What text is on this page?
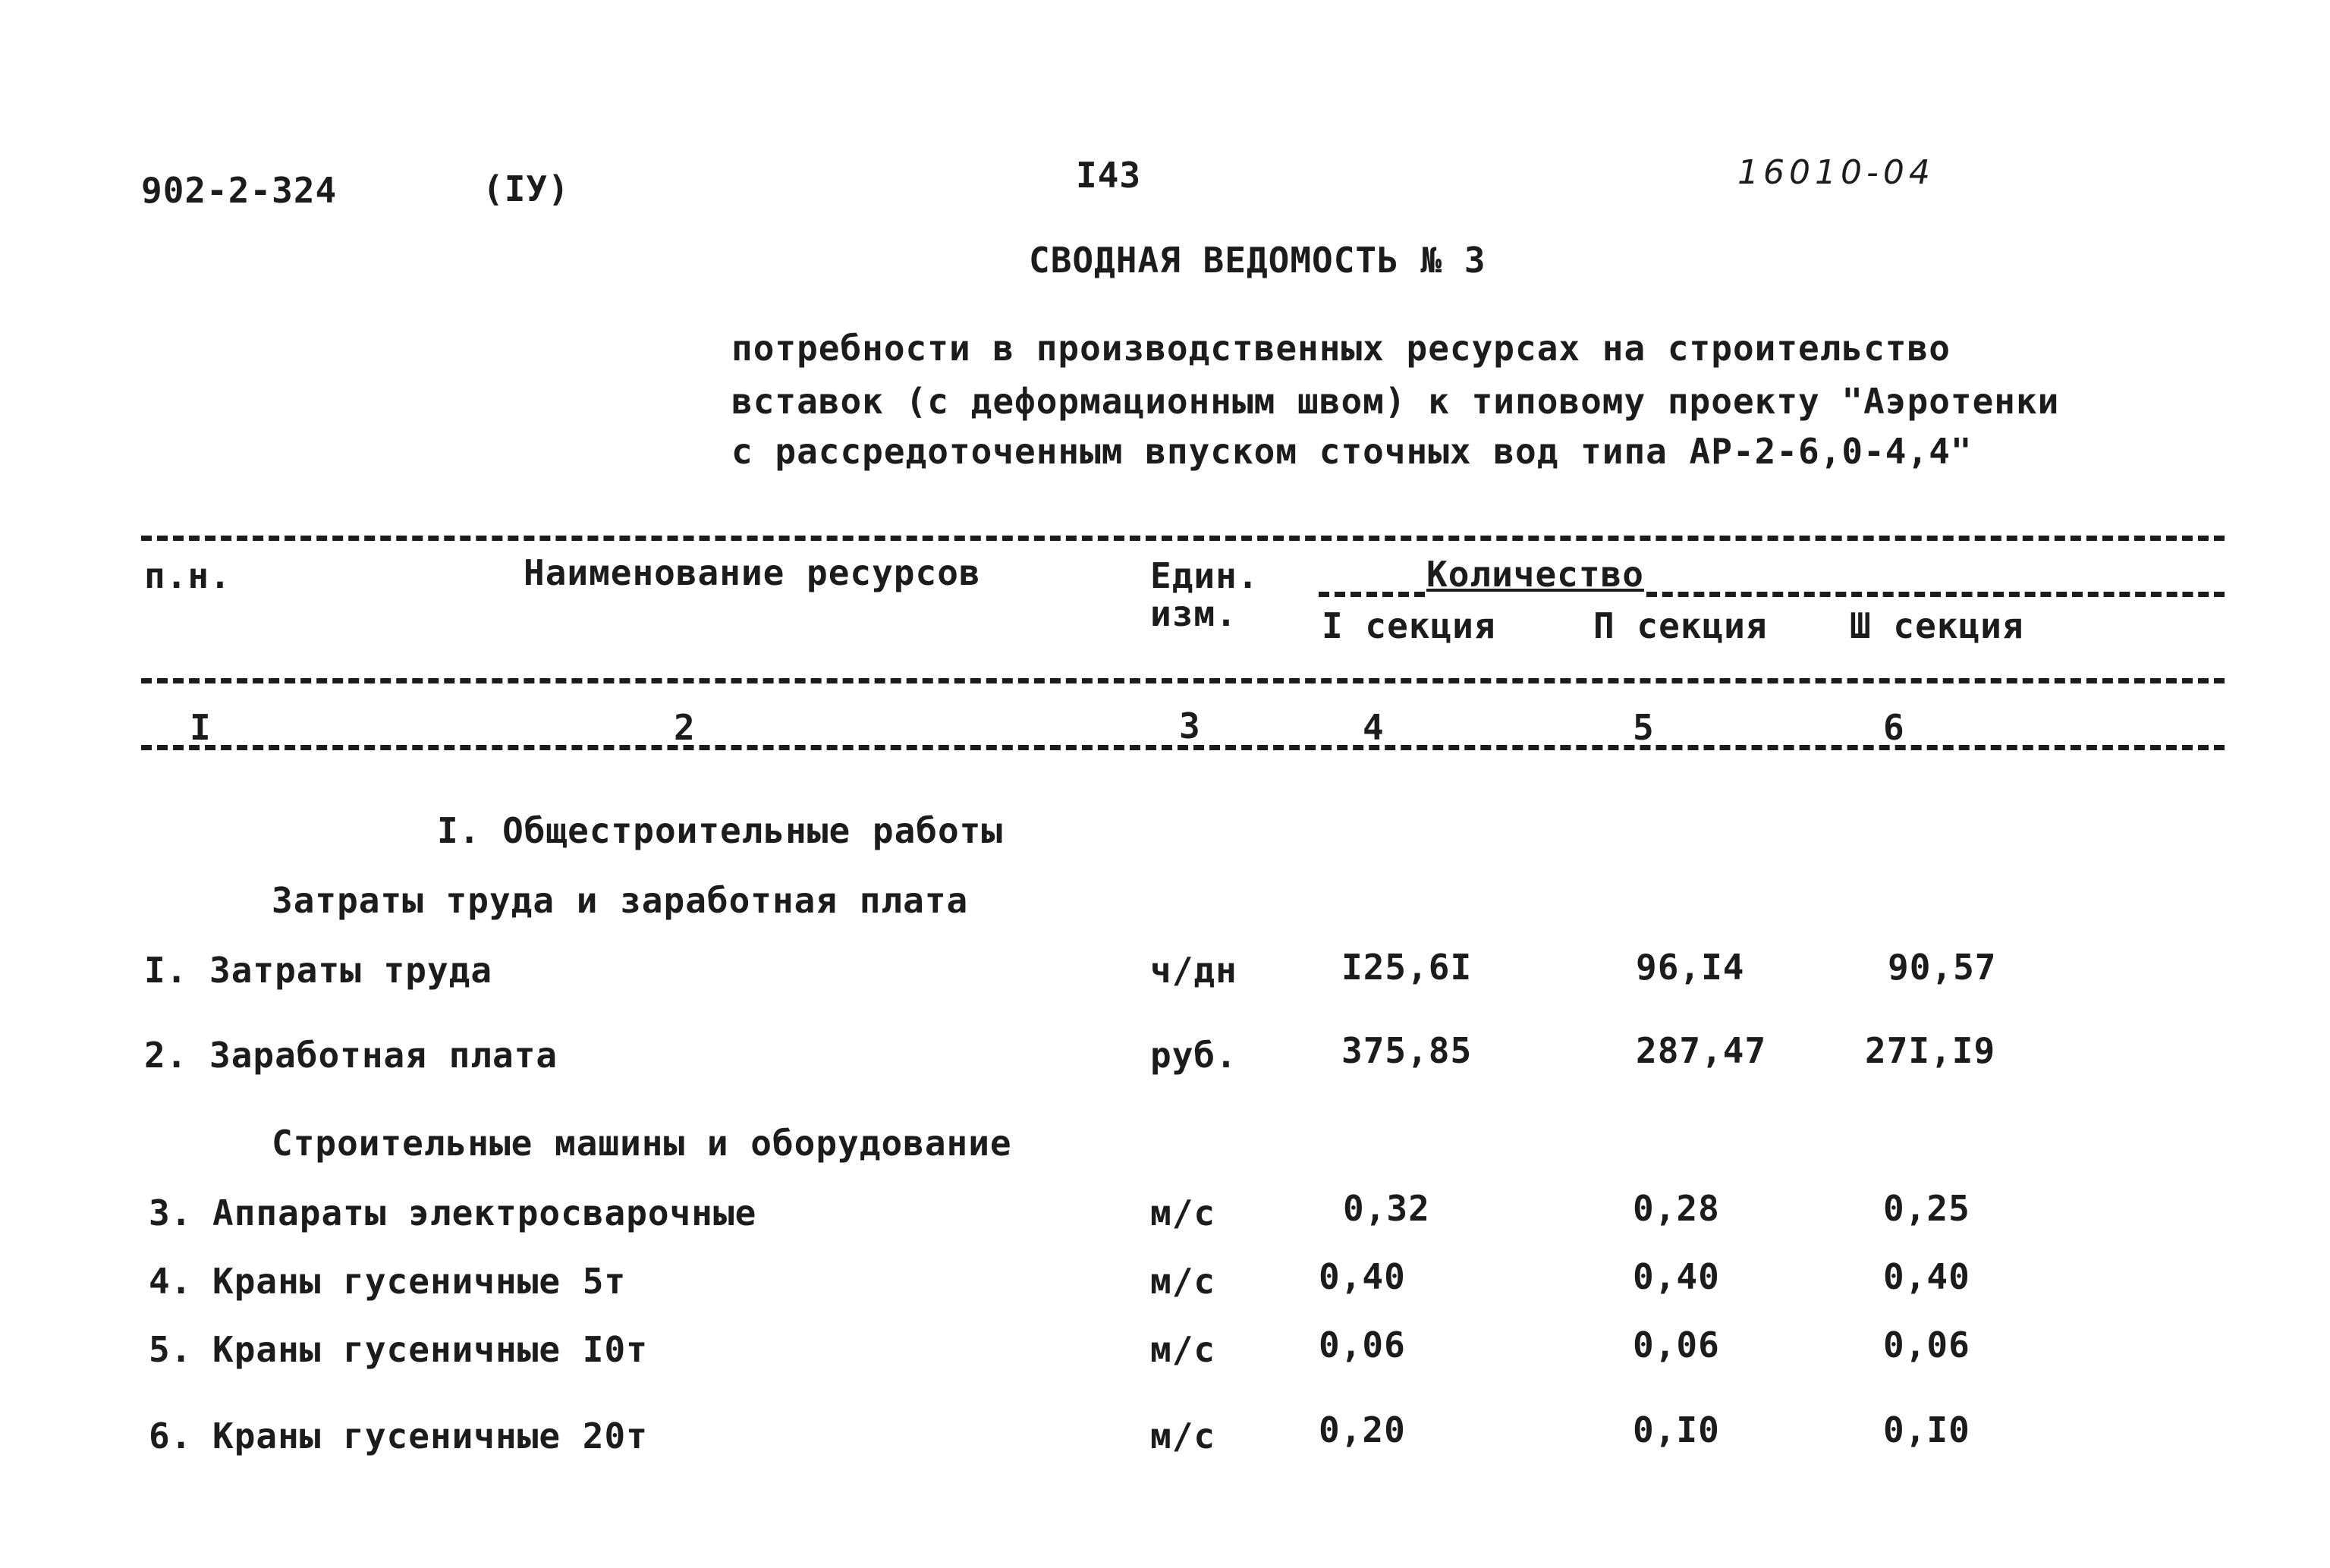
902-2-324	(IУ)	I43	16010-04
СВОДНАЯ ВЕДОМОСТЬ № 3
потребности в производственных ресурсах на строительство
вставок (с деформационным швом) к типовому проекту "Аэротенки
с рассредоточенным впуском сточных вод типа АР-2-6,0-4,4"
п.н.	Наименование ресурсов	Един.
изм.
Количество
I секция	П секция Ш секция
I	2	3	4	5	6
I. Общестроительные работы
Затраты труда и заработная плата
I. Затраты труда	ч/дн	I25,6I	96,I4	90,57
2. Заработная плата	руб.	375,85	287,47	27I,I9
Строительные машины и оборудование
3. Аппараты электросварочные	м/с	0,32	0,28	0,25
4. Краны гусеничные 5т	м/с	0,40	0,40	0,40
5. Краны гусеничные I0т	м/с	0,06	0,06	0,06
6. Краны гусеничные 20т	м/с	0,20	0,I0	0,I0
